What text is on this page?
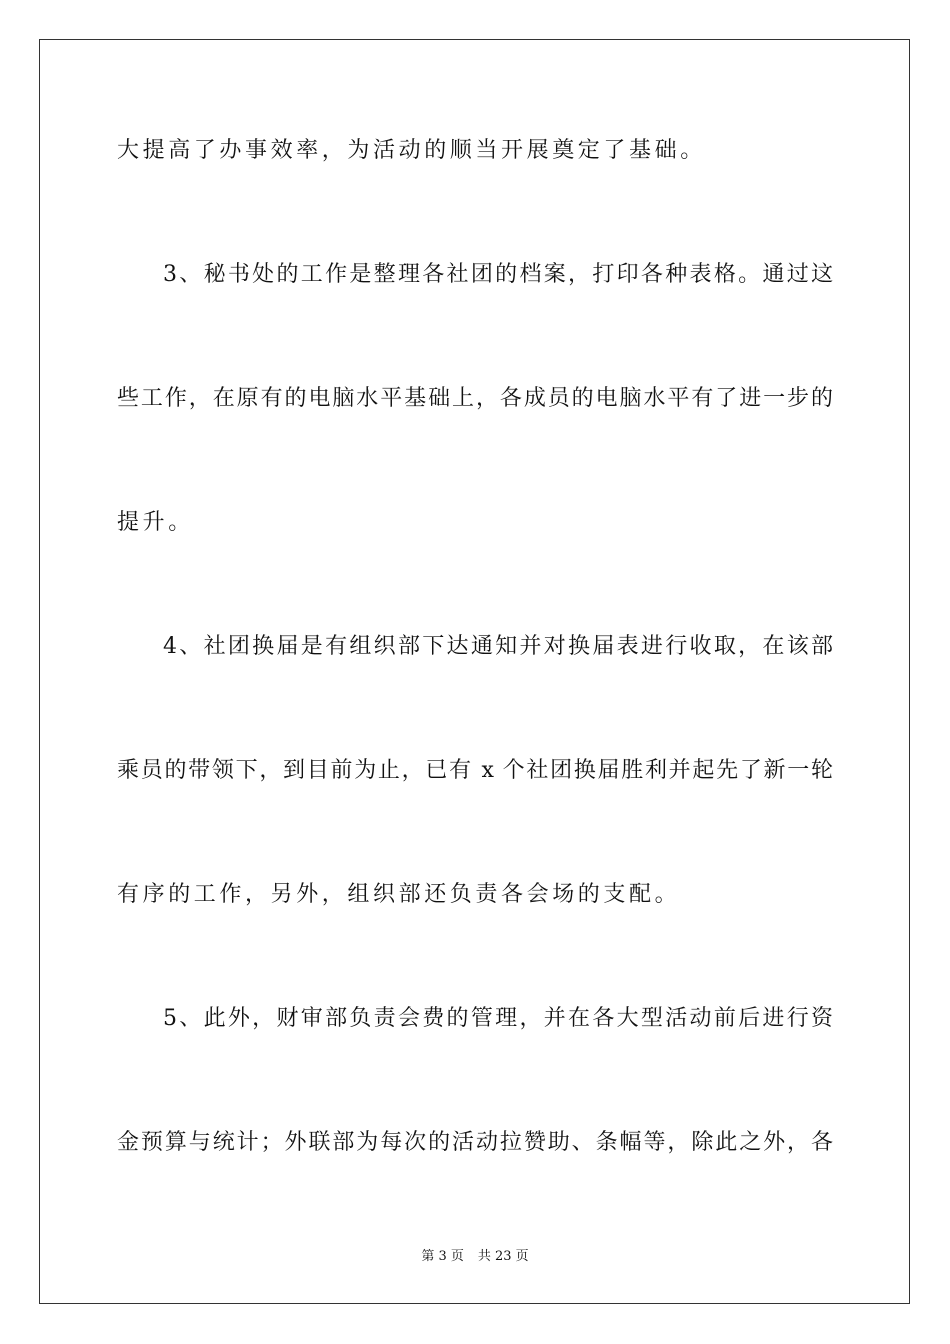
大提高了办事效率，为活动的顺当开展奠定了基础。
3、秘书处的工作是整理各社团的档案，打印各种表格。通过这
些工作，在原有的电脑水平基础上，各成员的电脑水平有了进一步的
提升。
4、社团换届是有组织部下达通知并对换届表进行收取，在该部
乘员的带领下，到目前为止，已有 x 个社团换届胜利并起先了新一轮
有序的工作，另外，组织部还负责各会场的支配。
5、此外，财审部负责会费的管理，并在各大型活动前后进行资
金预算与统计；外联部为每次的活动拉赞助、条幅等，除此之外，各
第 3 页 共 23 页
